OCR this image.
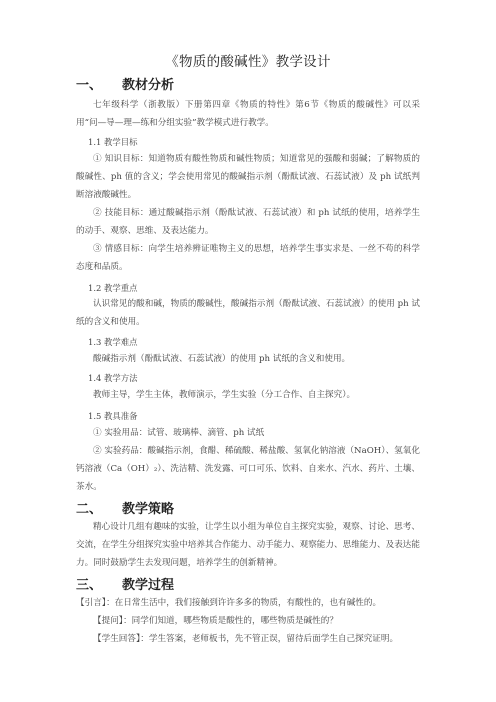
《物质的酸碱性》教学设计
一、 教材分析
七年级科学（浙教版）下册第四章《物质的特性》第6节《物质的酸碱性》可以采用“问—导—理—练和分组实验”教学模式进行教学。
1.1 教学目标
① 知识目标：知道物质有酸性物质和碱性物质；知道常见的强酸和弱碱；了解物质的酸碱性、ph 值的含义；学会使用常见的酸碱指示剂（酚酞试液、石蕊试液）及 ph 试纸判断溶液酸碱性。
② 技能目标：通过酸碱指示剂（酚酞试液、石蕊试液）和 ph 试纸的使用，培养学生的动手、观察、思维、及表达能力。
③ 情感目标：向学生培养辨证唯物主义的思想，培养学生事实求是、一丝不苟的科学态度和品质。
1.2 教学重点
认识常见的酸和碱，物质的酸碱性，酸碱指示剂（酚酞试液、石蕊试液）的使用 ph 试纸的含义和使用。
1.3 教学难点
酸碱指示剂（酚酞试液、石蕊试液）的使用 ph 试纸的含义和使用。
1.4 教学方法
教师主导，学生主体，教师演示，学生实验（分工合作、自主探究）。
1.5 教具准备
① 实验用品：试管、玻璃棒、滴管、ph 试纸
② 实验药品：酸碱指示剂，食醋、稀硫酸、稀盐酸、氢氧化钠溶液（NaOH）、氢氧化钙溶液（Ca（OH）₂）、洗洁精、洗发露、可口可乐、饮料、自来水、汽水、药片、土壤、茶水。
二、 教学策略
精心设计几组有趣味的实验，让学生以小组为单位自主探究实验，观察、讨论、思考、交流，在学生分组探究实验中培养其合作能力、动手能力、观察能力、思维能力、及表达能力。同时鼓励学生去发现问题，培养学生的创新精神。
三、 教学过程
【引言】：在日常生活中，我们接触到许许多多的物质，有酸性的，也有碱性的。
【提问】：同学们知道，哪些物质是酸性的，哪些物质是碱性的？
【学生回答】：学生答案，老师板书，先不管正误，留待后面学生自己探究证明。
